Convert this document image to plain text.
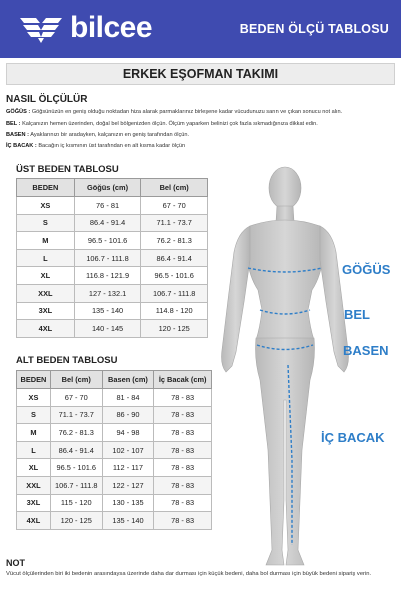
bilcee	BEDEN ÖLÇÜ TABLOSU
ERKEK EŞOFMAN TAKIMI
NASIL ÖLÇÜLÜR
GÖĞÜS : Göğsünüzün en geniş olduğu noktadan hiza alarak parmaklarınız birleşene kadar vücudunuzu sarın ve çıkan sonucu not alın.
BEL : Kalçanızın hemen üzerinden, doğal bel bölgenizden ölçün. Ölçüm yaparken belinizi çok fazla sıkmadığınıza dikkat edin.
BASEN : Ayaklarınızı bir aradayken, kalçanızın en geniş tarafından ölçün.
İÇ BACAK : Bacağın iç kısmının üst tarafından en alt kısma kadar ölçün
ÜST BEDEN TABLOSU
BEDEN	Göğüs (cm)	Bel (cm)
XS	76 - 81	67 - 70
S	86.4 - 91.4	71.1 - 73.7
M	96.5 - 101.6	76.2 - 81.3
L	106.7 - 111.8	86.4 - 91.4
XL	116.8 - 121.9	96.5 - 101.6
XXL	127 - 132.1	106.7 - 111.8
3XL	135 - 140	114.8 - 120
4XL	140 - 145	120 - 125
ALT BEDEN TABLOSU
BEDEN	Bel (cm)	Basen (cm)	İç Bacak (cm)
XS	67 - 70	81 - 84	78 - 83
S	71.1 - 73.7	86 - 90	78 - 83
M	76.2 - 81.3	94 - 98	78 - 83
L	86.4 - 91.4	102 - 107	78 - 83
XL	96.5 - 101.6	112 - 117	78 - 83
XXL	106.7 - 111.8	122 - 127	78 - 83
3XL	115 - 120	130 - 135	78 - 83
4XL	120 - 125	135 - 140	78 - 83
GÖĞÜS
BEL
BASEN
İÇ BACAK
NOT
Vücut ölçülerinden biri iki bedenin arasındaysa üzerinde daha dar durması için küçük bedeni, daha bol durması için büyük bedeni sipariş verin.
